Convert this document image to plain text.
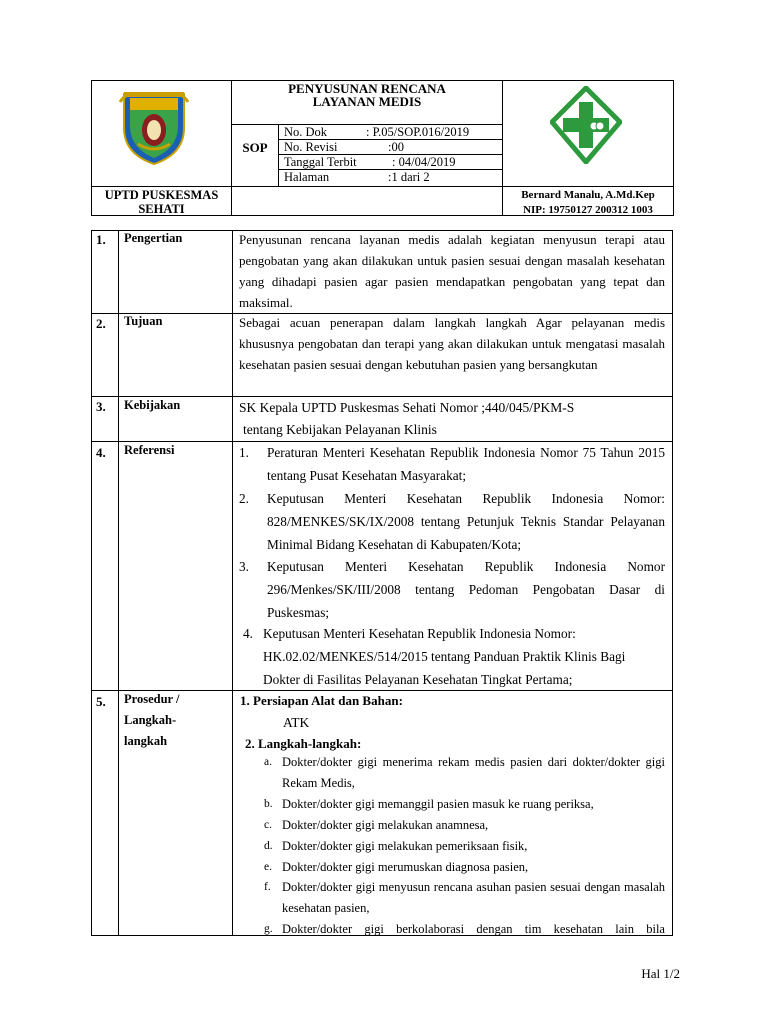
PENYUSUNAN RENCANA
LAYANAN MEDIS
SOP
No. Dok	: P.05/SOP.016/2019
No. Revisi	:00
Tanggal Terbit	: 04/04/2019
Halaman	:1 dari 2
UPTD PUSKESMAS
SEHATI
Bernard Manalu, A.Md.Kep
NIP: 19750127 200312 1003
1.	Pengertian	Penyusunan rencana layanan medis adalah kegiatan menyusun terapi atau pengobatan yang akan dilakukan untuk pasien sesuai dengan masalah kesehatan yang dihadapi pasien agar pasien mendapatkan pengobatan yang tepat dan maksimal.
2.	Tujuan	Sebagai acuan penerapan dalam langkah langkah Agar pelayanan medis khususnya pengobatan dan terapi yang akan dilakukan untuk mengatasi masalah kesehatan pasien sesuai dengan kebutuhan pasien yang bersangkutan
3.	Kebijakan	SK Kepala UPTD Puskesmas Sehati Nomor ;440/045/PKM-S
tentang Kebijakan Pelayanan Klinis
4.	Referensi	1.	Peraturan Menteri Kesehatan Republik Indonesia Nomor 75 Tahun 2015 tentang Pusat Kesehatan Masyarakat;
2.	Keputusan Menteri Kesehatan Republik Indonesia Nomor: 828/MENKES/SK/IX/2008 tentang Petunjuk Teknis Standar Pelayanan Minimal Bidang Kesehatan di Kabupaten/Kota;
3.	Keputusan Menteri Kesehatan Republik Indonesia Nomor 296/Menkes/SK/III/2008 tentang Pedoman Pengobatan Dasar di Puskesmas;
4. Keputusan Menteri Kesehatan Republik Indonesia Nomor: HK.02.02/MENKES/514/2015 tentang Panduan Praktik Klinis Bagi Dokter di Fasilitas Pelayanan Kesehatan Tingkat Pertama;
5.	Prosedur /
Langkah-
langkah
1. Persiapan Alat dan Bahan:
ATK
2. Langkah-langkah:
a. Dokter/dokter gigi menerima rekam medis pasien dari dokter/dokter gigi Rekam Medis,
b. Dokter/dokter gigi memanggil pasien masuk ke ruang periksa,
c. Dokter/dokter gigi melakukan anamnesa,
d. Dokter/dokter gigi melakukan pemeriksaan fisik,
e. Dokter/dokter gigi merumuskan diagnosa pasien,
f. Dokter/dokter gigi menyusun rencana asuhan pasien sesuai dengan masalah kesehatan pasien,
g. Dokter/dokter gigi berkolaborasi dengan tim kesehatan lain bila
Hal 1/2
